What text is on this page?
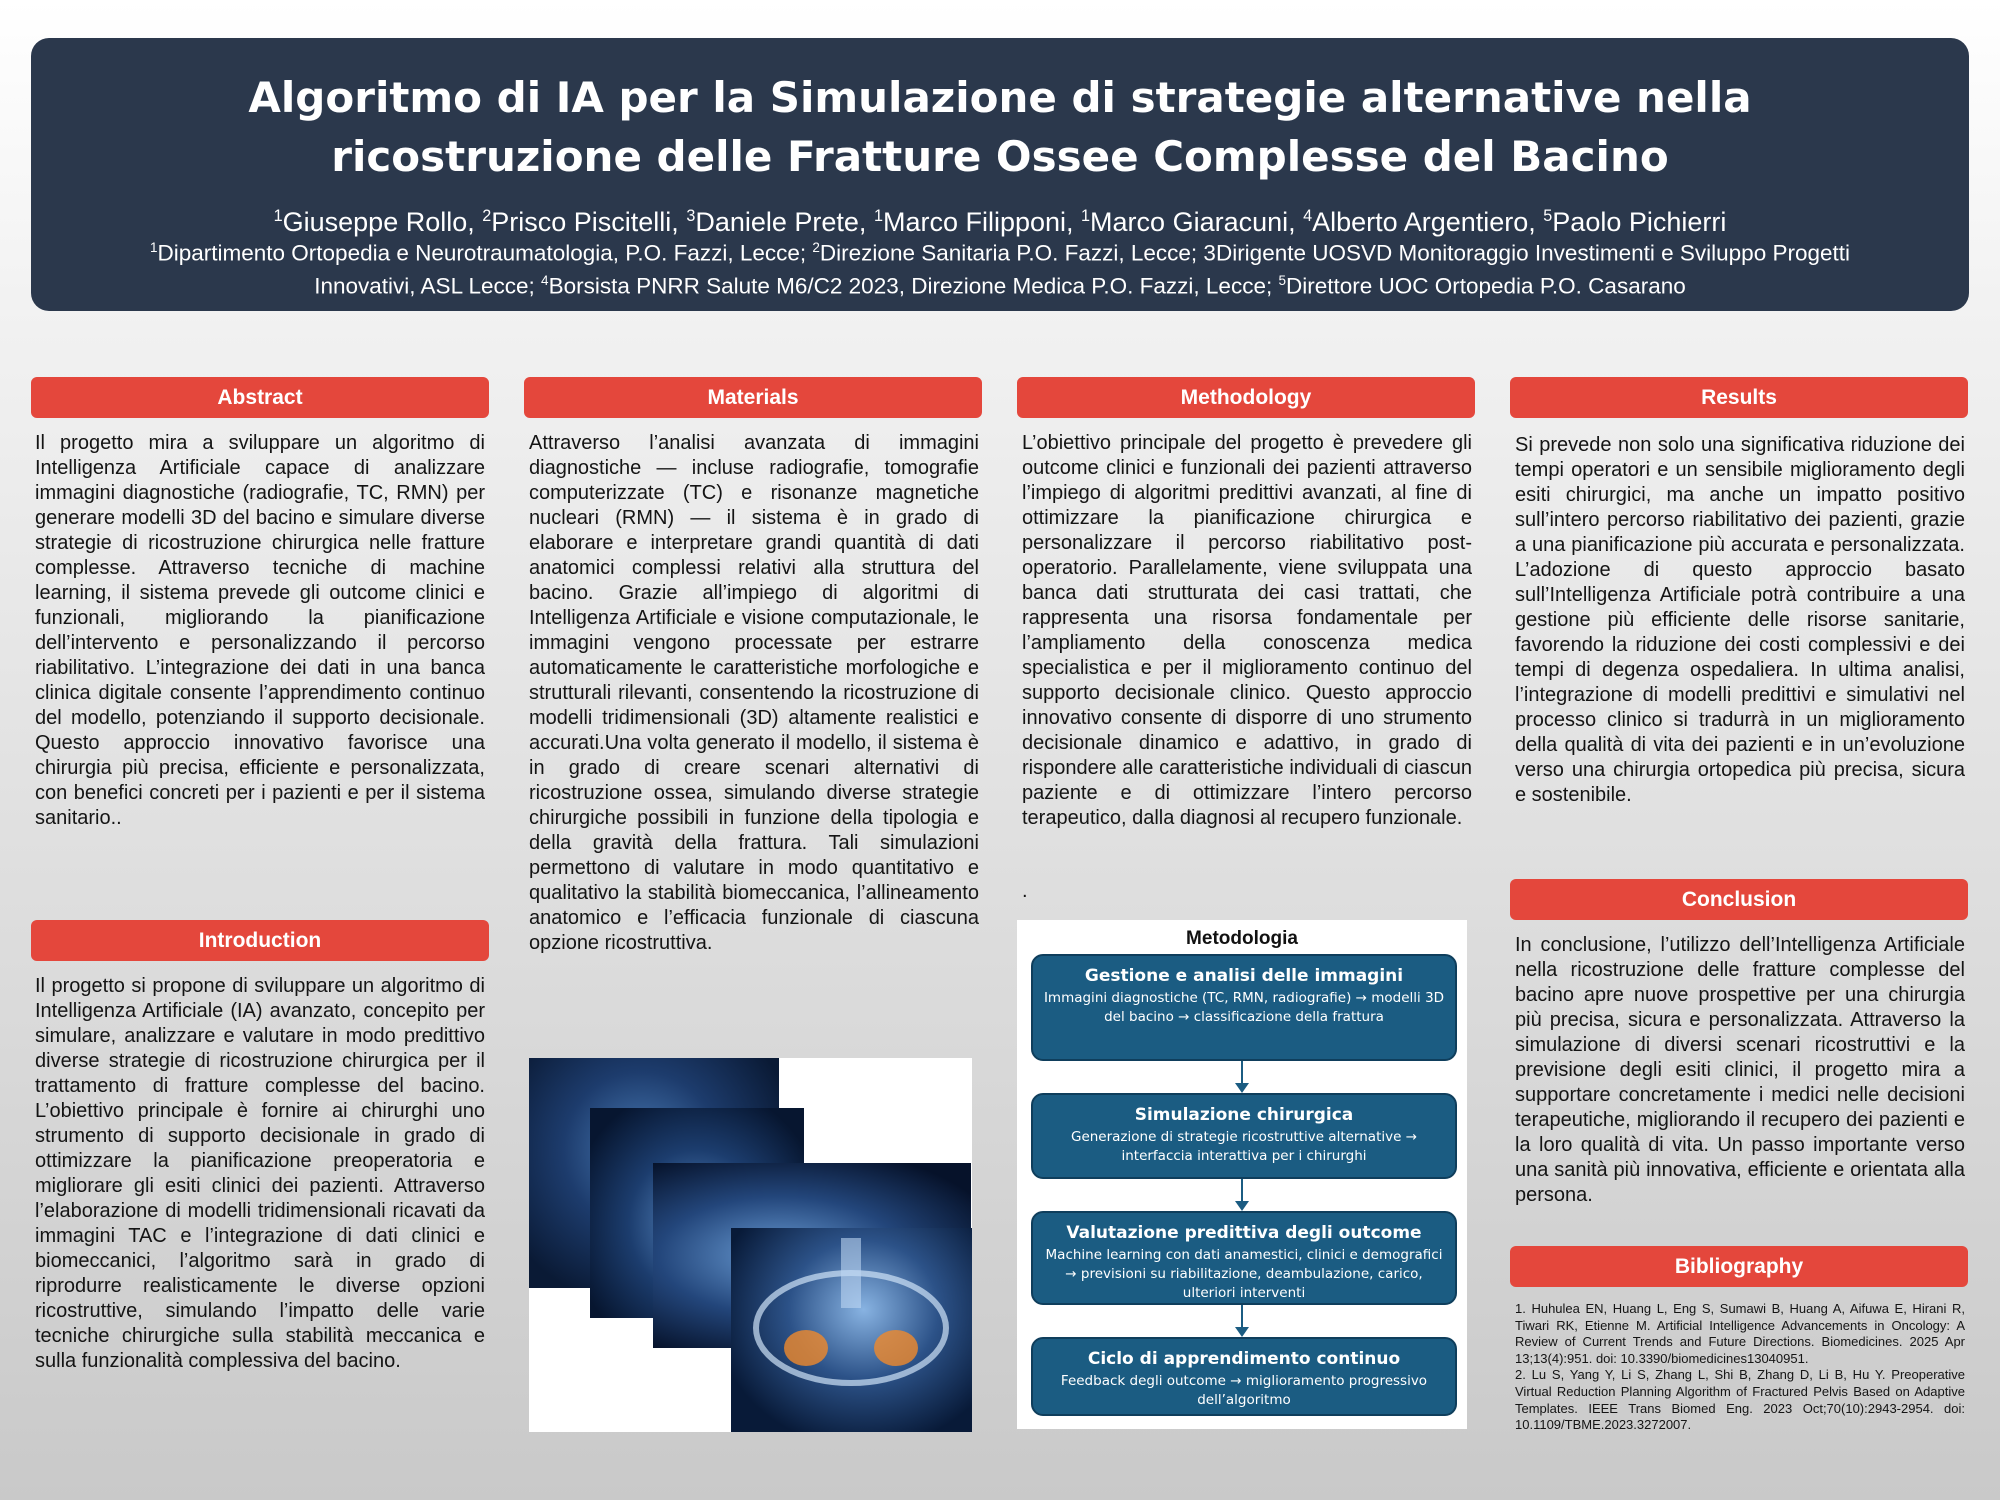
Algoritmo di IA per la Simulazione di strategie alternative nella
ricostruzione delle Fratture Ossee Complesse del Bacino
$^1$Giuseppe Rollo, $^2$Prisco Piscitelli, $^3$Daniele Prete, $^1$Marco Filipponi, $^1$Marco Giaracuni, $^4$Alberto Argentiero, $^5$Paolo Pichierri
$^1$Dipartimento Ortopedia e Neurotraumatologia, P.O. Fazzi, Lecce; $^2$Direzione Sanitaria P.O. Fazzi, Lecce; 3Dirigente UOSVD Monitoraggio Investimenti e Sviluppo Progetti Innovativi, ASL Lecce; $^4$Borsista PNRR Salute M6/C2 2023, Direzione Medica P.O. Fazzi, Lecce; $^5$Direttore UOC Ortopedia P.O. Casarano
Abstract

Il progetto mira a sviluppare un algoritmo di Intelligenza Artificiale capace di analizzare immagini diagnostiche (radiografie, TC, RMN) per generare modelli 3D del bacino e simulare diverse strategie di ricostruzione chirurgica nelle fratture complesse. Attraverso tecniche di machine learning, il sistema prevede gli outcome clinici e funzionali, migliorando la pianificazione dell’intervento e personalizzando il percorso riabilitativo. L’integrazione dei dati in una banca clinica digitale consente l’apprendimento continuo del modello, potenziando il supporto decisionale. Questo approccio innovativo favorisce una chirurgia più precisa, efficiente e personalizzata, con benefici concreti per i pazienti e per il sistema sanitario..

Introduction

Il progetto si propone di sviluppare un algoritmo di Intelligenza Artificiale (IA) avanzato, concepito per simulare, analizzare e valutare in modo predittivo diverse strategie di ricostruzione chirurgica per il trattamento di fratture complesse del bacino. L’obiettivo principale è fornire ai chirurghi uno strumento di supporto decisionale in grado di ottimizzare la pianificazione preoperatoria e migliorare gli esiti clinici dei pazienti. Attraverso l’elaborazione di modelli tridimensionali ricavati da immagini TAC e l’integrazione di dati clinici e biomeccanici, l’algoritmo sarà in grado di riprodurre realisticamente le diverse opzioni ricostruttive, simulando l’impatto delle varie tecniche chirurgiche sulla stabilità meccanica e sulla funzionalità complessiva del bacino.

Materials

Attraverso l’analisi avanzata di immagini diagnostiche — incluse radiografie, tomografie computerizzate (TC) e risonanze magnetiche nucleari (RMN) — il sistema è in grado di elaborare e interpretare grandi quantità di dati anatomici complessi relativi alla struttura del bacino. Grazie all’impiego di algoritmi di Intelligenza Artificiale e visione computazionale, le immagini vengono processate per estrarre automaticamente le caratteristiche morfologiche e strutturali rilevanti, consentendo la ricostruzione di modelli tridimensionali (3D) altamente realistici e accurati.Una volta generato il modello, il sistema è in grado di creare scenari alternativi di ricostruzione ossea, simulando diverse strategie chirurgiche possibili in funzione della tipologia e della gravità della frattura. Tali simulazioni permettono di valutare in modo quantitativo e qualitativo la stabilità biomeccanica, l’allineamento anatomico e l’efficacia funzionale di ciascuna opzione ricostruttiva.

Methodology

L’obiettivo principale del progetto è prevedere gli outcome clinici e funzionali dei pazienti attraverso l’impiego di algoritmi predittivi avanzati, al fine di ottimizzare la pianificazione chirurgica e personalizzare il percorso riabilitativo post-operatorio. Parallelamente, viene sviluppata una banca dati strutturata dei casi trattati, che rappresenta una risorsa fondamentale per l’ampliamento della conoscenza medica specialistica e per il miglioramento continuo del supporto decisionale clinico. Questo approccio innovativo consente di disporre di uno strumento decisionale dinamico e adattivo, in grado di rispondere alle caratteristiche individuali di ciascun paziente e di ottimizzare l’intero percorso terapeutico, dalla diagnosi al recupero funzionale.

.

Metodologia
Gestione e analisi delle immagini
Immagini diagnostiche (TC, RMN, radiografie) → modelli 3D del bacino → classificazione della frattura
Simulazione chirurgica
Generazione di strategie ricostruttive alternative → interfaccia interattiva per i chirurghi
Valutazione predittiva degli outcome
Machine learning con dati anamestici, clinici e demografici → previsioni su riabilitazione, deambulazione, carico, ulteriori interventi
Ciclo di apprendimento continuo
Feedback degli outcome → miglioramento progressivo dell’algoritmo
Results

Si prevede non solo una significativa riduzione dei tempi operatori e un sensibile miglioramento degli esiti chirurgici, ma anche un impatto positivo sull’intero percorso riabilitativo dei pazienti, grazie a una pianificazione più accurata e personalizzata. L’adozione di questo approccio basato sull’Intelligenza Artificiale potrà contribuire a una gestione più efficiente delle risorse sanitarie, favorendo la riduzione dei costi complessivi e dei tempi di degenza ospedaliera. In ultima analisi, l’integrazione di modelli predittivi e simulativi nel processo clinico si tradurrà in un miglioramento della qualità di vita dei pazienti e in un’evoluzione verso una chirurgia ortopedica più precisa, sicura e sostenibile.

Conclusion

In conclusione, l’utilizzo dell’Intelligenza Artificiale nella ricostruzione delle fratture complesse del bacino apre nuove prospettive per una chirurgia più precisa, sicura e personalizzata. Attraverso la simulazione di diversi scenari ricostruttivi e la previsione degli esiti clinici, il progetto mira a supportare concretamente i medici nelle decisioni terapeutiche, migliorando il recupero dei pazienti e la loro qualità di vita. Un passo importante verso una sanità più innovativa, efficiente e orientata alla persona.

Bibliography

1. Huhulea EN, Huang L, Eng S, Sumawi B, Huang A, Aifuwa E, Hirani R, Tiwari RK, Etienne M. Artificial Intelligence Advancements in Oncology: A Review of Current Trends and Future Directions. Biomedicines. 2025 Apr 13;13(4):951. doi: 10.3390/biomedicines13040951.

2. Lu S, Yang Y, Li S, Zhang L, Shi B, Zhang D, Li B, Hu Y. Preoperative Virtual Reduction Planning Algorithm of Fractured Pelvis Based on Adaptive Templates. IEEE Trans Biomed Eng. 2023 Oct;70(10):2943-2954. doi: 10.1109/TBME.2023.3272007.
